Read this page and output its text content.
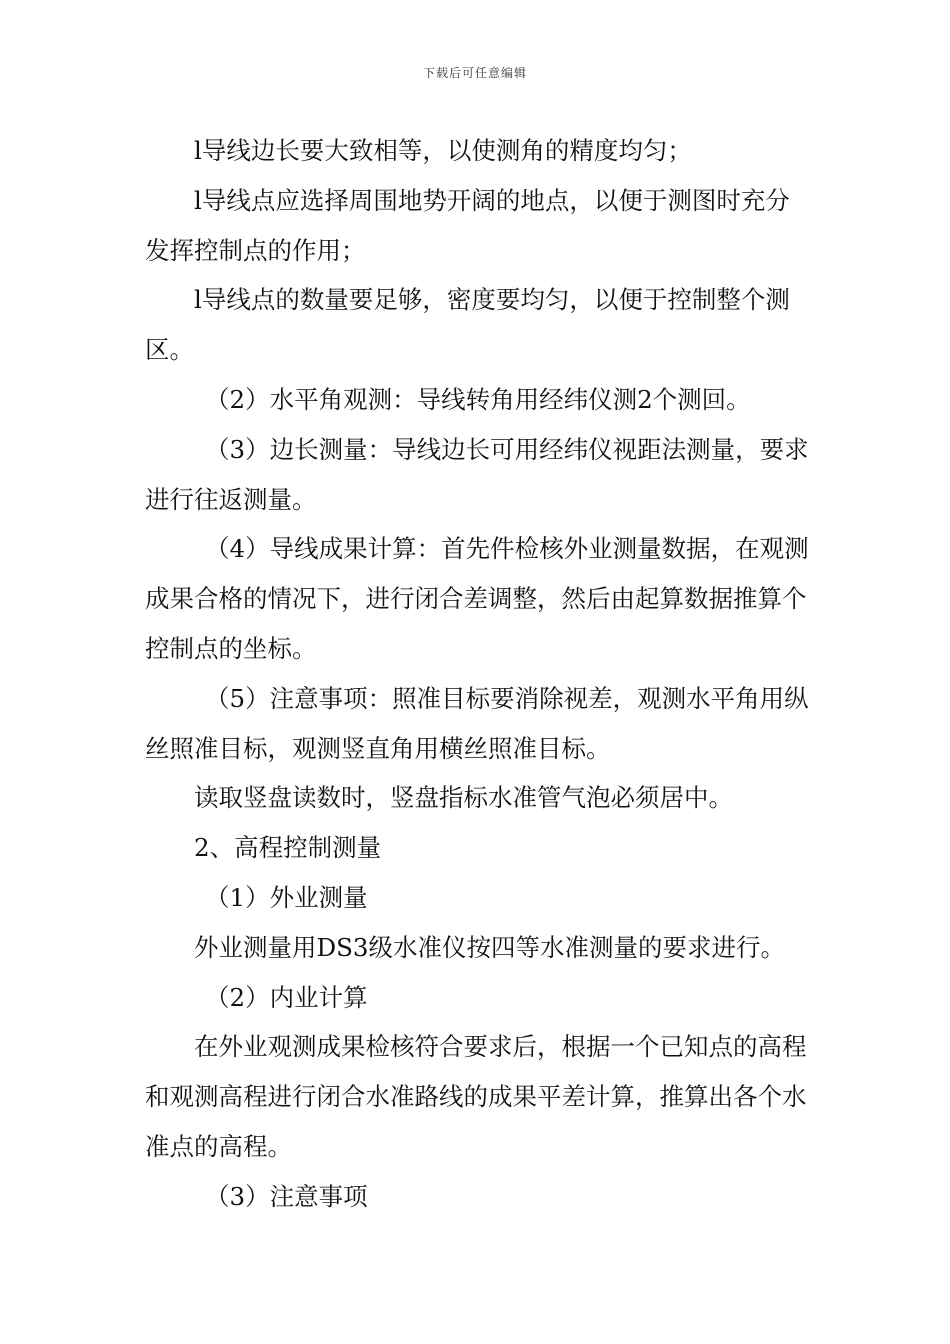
下载后可任意编辑

l导线边长要大致相等，以使测角的精度均匀；

l导线点应选择周围地势开阔的地点，以便于测图时充分发挥控制点的作用；

l导线点的数量要足够，密度要均匀，以便于控制整个测区。

（2）水平角观测：导线转角用经纬仪测2个测回。

（3）边长测量：导线边长可用经纬仪视距法测量，要求进行往返测量。

（4）导线成果计算：首先件检核外业测量数据，在观测成果合格的情况下，进行闭合差调整，然后由起算数据推算个控制点的坐标。

（5）注意事项：照准目标要消除视差，观测水平角用纵丝照准目标，观测竖直角用横丝照准目标。

读取竖盘读数时，竖盘指标水准管气泡必须居中。

2、高程控制测量

（1）外业测量

外业测量用DS3级水准仪按四等水准测量的要求进行。

（2）内业计算

在外业观测成果检核符合要求后，根据一个已知点的高程和观测高程进行闭合水准路线的成果平差计算，推算出各个水准点的高程。

（3）注意事项
